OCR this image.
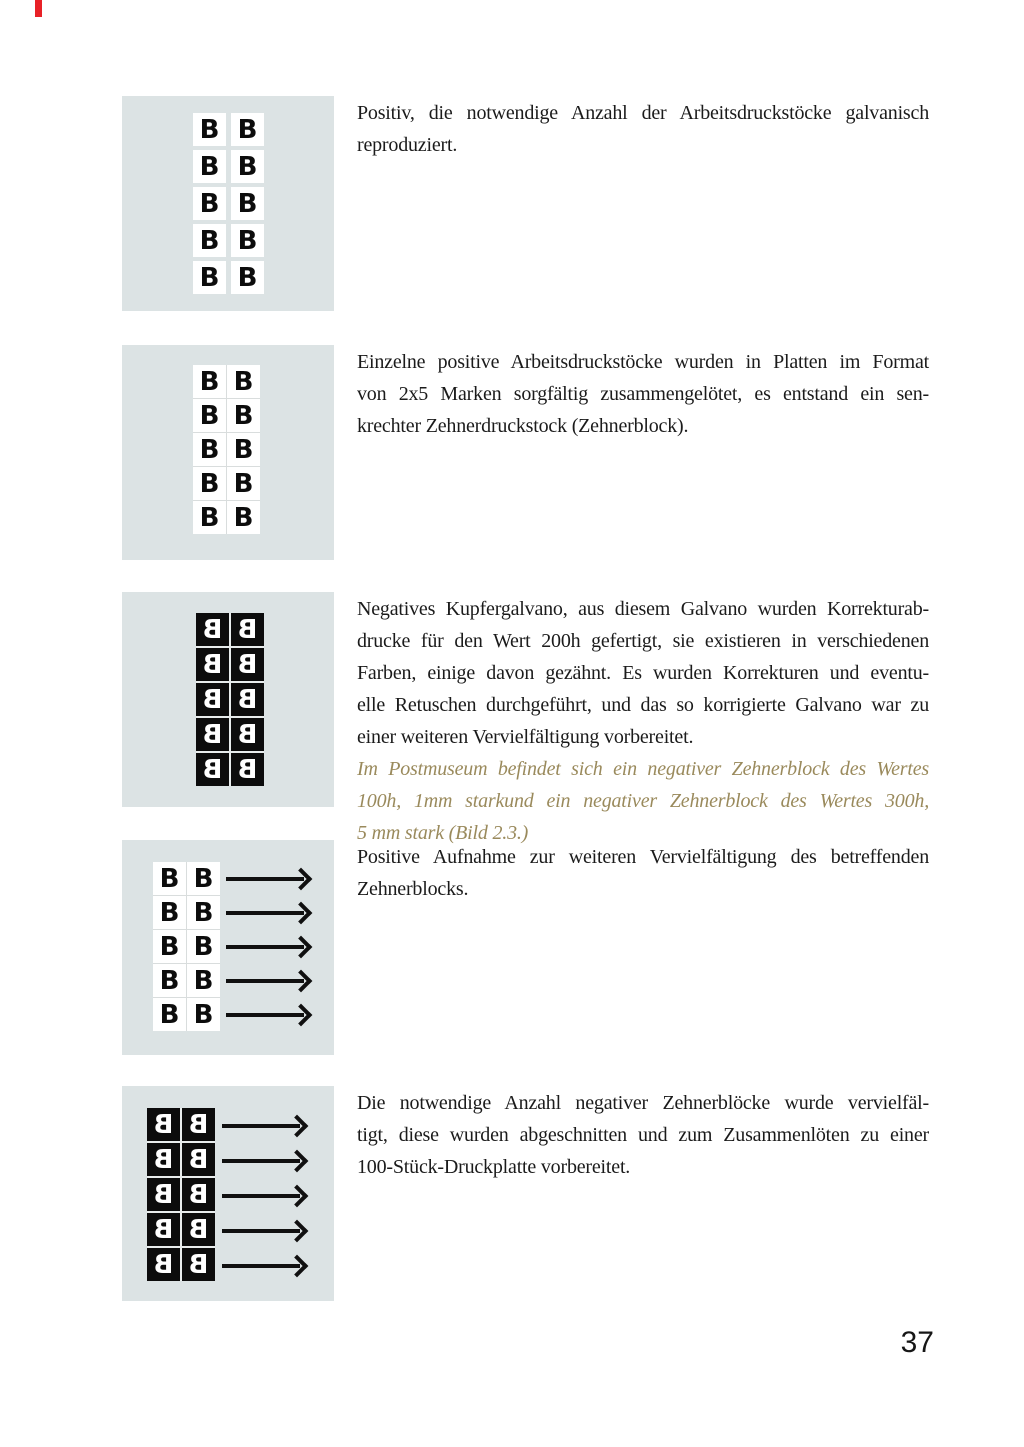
B B
B B
B B
B B
B B
Positiv, die notwendige Anzahl der Arbeitsdruckstöcke galvanisch
reproduziert.
B B
B B
B B
B B
B B
Einzelne positive Arbeitsdruckstöcke wurden in Platten im Format
von 2x5 Marken sorgfältig zusammengelötet, es entstand ein sen-
krechter Zehnerdruckstock (Zehnerblock).
B B
B B
B B
B B
B B
Negatives Kupfergalvano, aus diesem Galvano wurden Korrekturab-
drucke für den Wert 200h gefertigt, sie existieren in verschiedenen
Farben, einige davon gezähnt. Es wurden Korrekturen und eventu-
elle Retuschen durchgeführt, und das so korrigierte Galvano war zu
einer weiteren Vervielfältigung vorbereitet.
Im Postmuseum befindet sich ein negativer Zehnerblock des Wertes
100h, 1mm starkund ein negativer Zehnerblock des Wertes 300h,
5 mm stark (Bild 2.3.)
B B
B B
B B
B B
B B
Positive Aufnahme zur weiteren Vervielfältigung des betreffenden
Zehnerblocks.
B B
B B
B B
B B
B B
Die notwendige Anzahl negativer Zehnerblöcke wurde vervielfäl-
tigt, diese wurden abgeschnitten und zum Zusammenlöten zu einer
100-Stück-Druckplatte vorbereitet.
37
